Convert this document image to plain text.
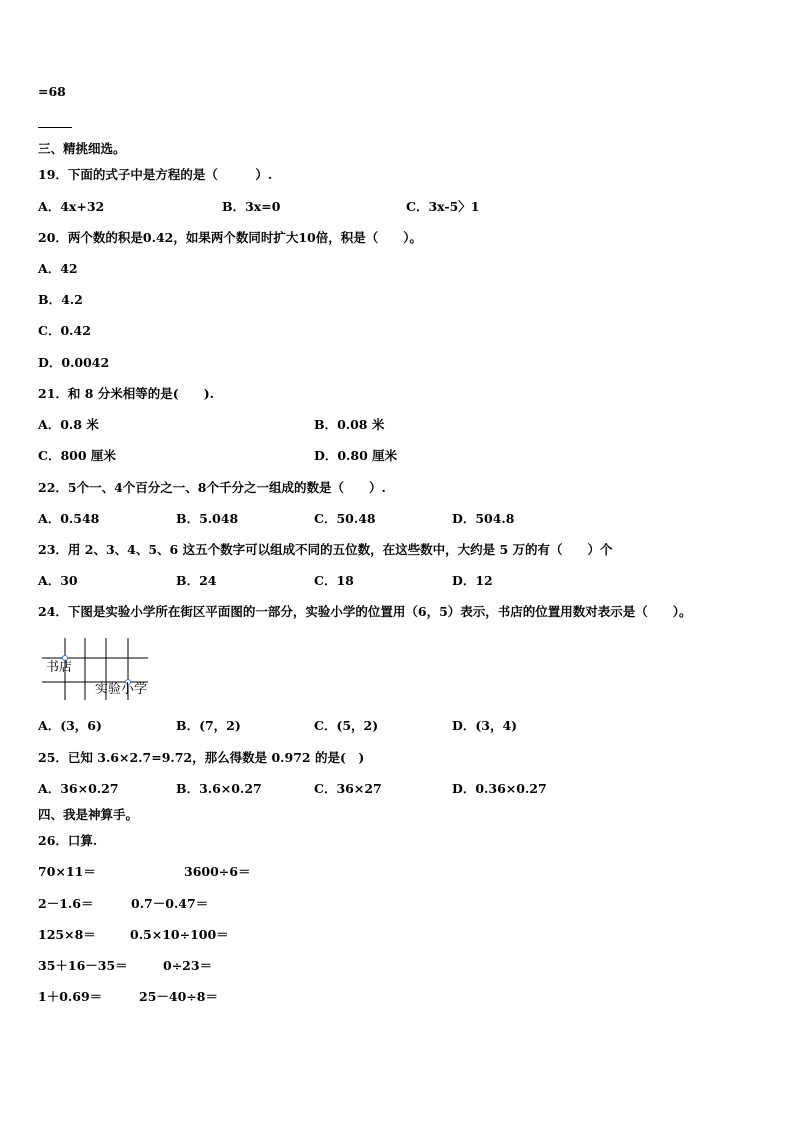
=68
三、精挑细选。
19．下面的式子中是方程的是（　　　）.
A．4x+32	B．3x=0	C．3x-5〉1
20．两个数的积是0.42，如果两个数同时扩大10倍，积是（　　）。
A．42
B．4.2
C．0.42
D．0.0042
21．和 8 分米相等的是(　　).
A．0.8 米	B．0.08 米
C．800 厘米	D．0.80 厘米
22．5个一、4个百分之一、8个千分之一组成的数是（　　）.
A．0.548	B．5.048	C．50.48	D．504.8
23．用 2、3、4、5、6 这五个数字可以组成不同的五位数，在这些数中，大约是 5 万的有（　　）个
A．30	B．24	C．18	D．12
24．下图是实验小学所在街区平面图的一部分，实验小学的位置用（6，5）表示，书店的位置用数对表示是（　　）。
书店
实验小学
A．(3，6)	B．(7，2)	C．(5，2)	D．(3，4)
25．已知 3.6×2.7=9.72，那么得数是 0.972 的是(　)
A．36×0.27	B．3.6×0.27	C．36×27	D．0.36×0.27
四、我是神算手。
26．口算.
70×11＝	3600÷6＝
2－1.6＝	0.7－0.47＝
125×8＝	0.5×10÷100＝
35＋16－35＝	0÷23＝
1＋0.69＝	25－40÷8＝
